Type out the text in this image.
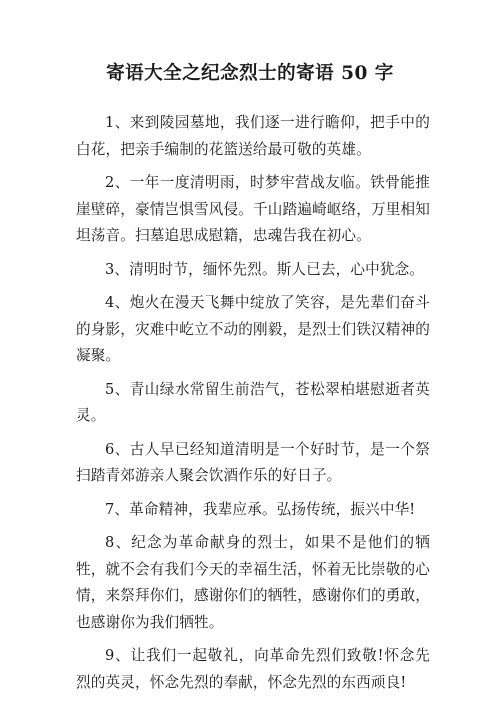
寄语大全之纪念烈士的寄语 50 字

1、来到陵园墓地，我们逐一进行瞻仰，把手中的白花，把亲手编制的花篮送给最可敬的英雄。

2、一年一度清明雨，时梦牢营战友临。铁骨能推崖壁碎，豪情岂惧雪风侵。千山踏遍崎岖络，万里相知坦荡音。扫墓追思成慰籍，忠魂告我在初心。

3、清明时节，缅怀先烈。斯人已去，心中犹念。

4、炮火在漫天飞舞中绽放了笑容，是先辈们奋斗的身影，灾难中屹立不动的刚毅，是烈士们铁汉精神的凝聚。

5、青山绿水常留生前浩气，苍松翠柏堪慰逝者英灵。

6、古人早已经知道清明是一个好时节，是一个祭扫踏青郊游亲人聚会饮酒作乐的好日子。

7、革命精神，我辈应承。弘扬传统，振兴中华!

8、纪念为革命献身的烈士，如果不是他们的牺牲，就不会有我们今天的幸福生活，怀着无比崇敬的心情，来祭拜你们，感谢你们的牺牲，感谢你们的勇敢，也感谢你为我们牺牲。

9、让我们一起敬礼，向革命先烈们致敬!怀念先烈的英灵，怀念先烈的奉献，怀念先烈的东西顽良!
